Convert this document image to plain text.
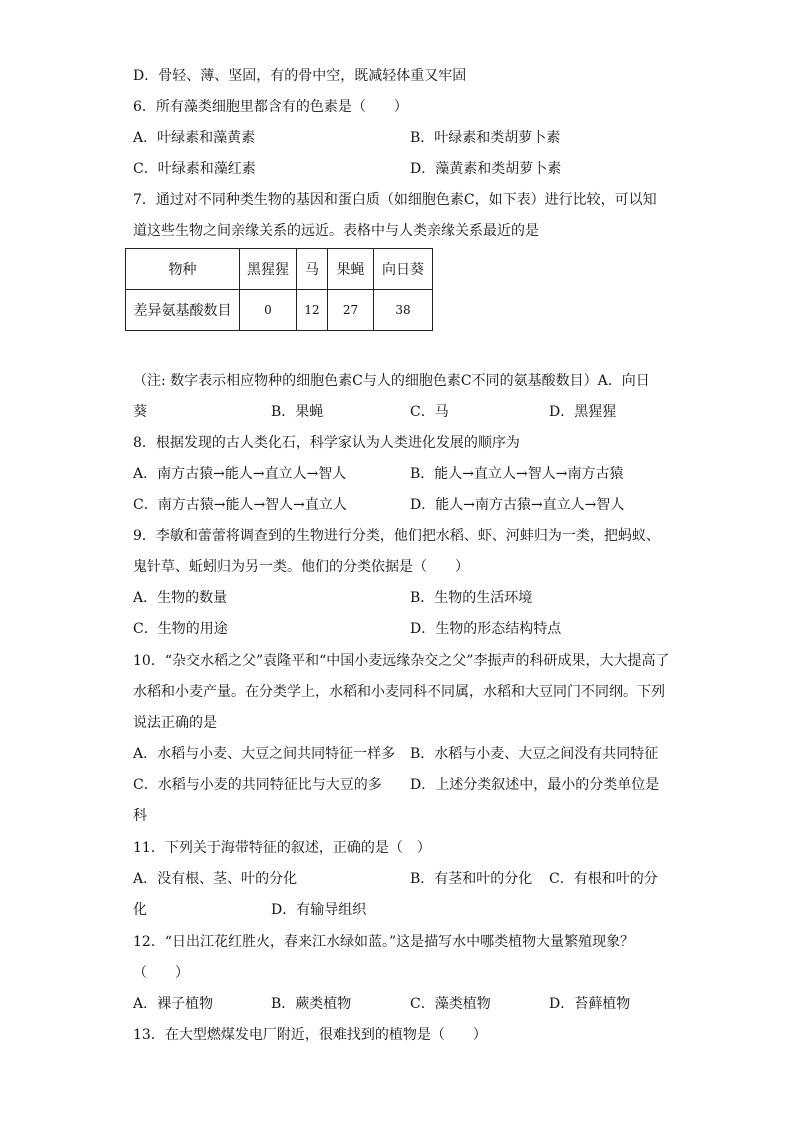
D．骨轻、薄、坚固，有的骨中空，既减轻体重又牢固
6．所有藻类细胞里都含有的色素是（　　）
A．叶绿素和藻黄素	B．叶绿素和类胡萝卜素
C．叶绿素和藻红素	D．藻黄素和类胡萝卜素
7．通过对不同种类生物的基因和蛋白质（如细胞色素C，如下表）进行比较，可以知
道这些生物之间亲缘关系的远近。表格中与人类亲缘关系最近的是
物种	黑猩猩	马	果蝇	向日葵
差异氨基酸数目	0	12	27	38
（注: 数字表示相应物种的细胞色素C与人的细胞色素C不同的氨基酸数目）A．向日
葵	B．果蝇	C．马	D．黑猩猩
8．根据发现的古人类化石，科学家认为人类进化发展的顺序为
A．南方古猿→能人→直立人→智人	B．能人→直立人→智人→南方古猿
C．南方古猿→能人→智人→直立人	D．能人→南方古猿→直立人→智人
9．李敏和蕾蕾将调查到的生物进行分类，他们把水稻、虾、河蚌归为一类，把蚂蚁、
鬼针草、蚯蚓归为另一类。他们的分类依据是（　　）
A．生物的数量	B．生物的生活环境
C．生物的用途	D．生物的形态结构特点
10．“杂交水稻之父”袁隆平和“中国小麦远缘杂交之父”李振声的科研成果，大大提高了
水稻和小麦产量。在分类学上，水稻和小麦同科不同属，水稻和大豆同门不同纲。下列
说法正确的是
A．水稻与小麦、大豆之间共同特征一样多 B．水稻与小麦、大豆之间没有共同特征
C．水稻与小麦的共同特征比与大豆的多 D．上述分类叙述中，最小的分类单位是
科
11．下列关于海带特征的叙述，正确的是（　）
A．没有根、茎、叶的分化	B．有茎和叶的分化 C．有根和叶的分
化	D．有输导组织
12．“日出江花红胜火，春来江水绿如蓝。”这是描写水中哪类植物大量繁殖现象？
（　　）
A．裸子植物	B．蕨类植物	C．藻类植物	D．苔藓植物
13．在大型燃煤发电厂附近，很难找到的植物是（　　）
